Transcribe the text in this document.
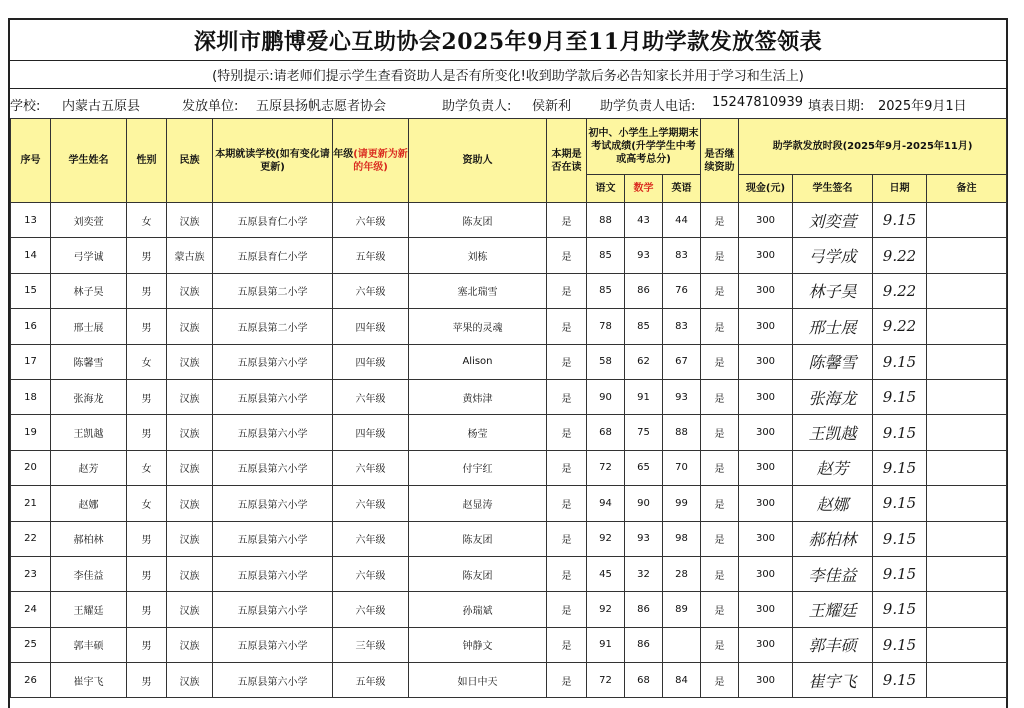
深圳市鹏博爱心互助协会2025年9月至11月助学款发放签领表
(特别提示:请老师们提示学生查看资助人是否有所变化!收到助学款后务必告知家长并用于学习和生活上)
学校: 内蒙古五原县	发放单位: 五原县扬帆志愿者协会	助学负责人: 侯新利 助学负责人电话: 15247810939 填表日期: 2025年9月1日
序号	学生姓名	性别	民族	本期就读学校(如有变化请更新)	年级(请更新为新的年级)	资助人	本期是否在读	初中、小学生上学期期末考试成绩(升学学生中考或高考总分)			是否继续资助	助学款发放时段(2025年9月-2025年11月)			
								语文	数学	英语		现金(元)	学生签名	日期	备注
13	刘奕萱	女	汉族	五原县育仁小学	六年级	陈友团	是	88	43	44	是	300	刘奕萱	9.15	
14	弓学诚	男	蒙古族	五原县育仁小学	五年级	刘栋	是	85	93	83	是	300	弓学成	9.22	
15	林子昊	男	汉族	五原县第二小学	六年级	塞北瑞雪	是	85	86	76	是	300	林子昊	9.22	
16	邢士展	男	汉族	五原县第二小学	四年级	苹果的灵魂	是	78	85	83	是	300	邢士展	9.22	
17	陈馨雪	女	汉族	五原县第六小学	四年级	Alison	是	58	62	67	是	300	陈馨雪	9.15	
18	张海龙	男	汉族	五原县第六小学	六年级	黄炜津	是	90	91	93	是	300	张海龙	9.15	
19	王凯越	男	汉族	五原县第六小学	四年级	杨莹	是	68	75	88	是	300	王凯越	9.15	
20	赵芳	女	汉族	五原县第六小学	六年级	付宇红	是	72	65	70	是	300	赵芳	9.15	
21	赵娜	女	汉族	五原县第六小学	六年级	赵显涛	是	94	90	99	是	300	赵娜	9.15	
22	郝柏林	男	汉族	五原县第六小学	六年级	陈友团	是	92	93	98	是	300	郝柏林	9.15	
23	李佳益	男	汉族	五原县第六小学	六年级	陈友团	是	45	32	28	是	300	李佳益	9.15	
24	王耀廷	男	汉族	五原县第六小学	六年级	孙瑞斌	是	92	86	89	是	300	王耀廷	9.15	
25	郭丰硕	男	汉族	五原县第六小学	三年级	钟静文	是	91	86		是	300	郭丰硕	9.15	
26	崔宇飞	男	汉族	五原县第六小学	五年级	如日中天	是	72	68	84	是	300	崔宇飞	9.15	
